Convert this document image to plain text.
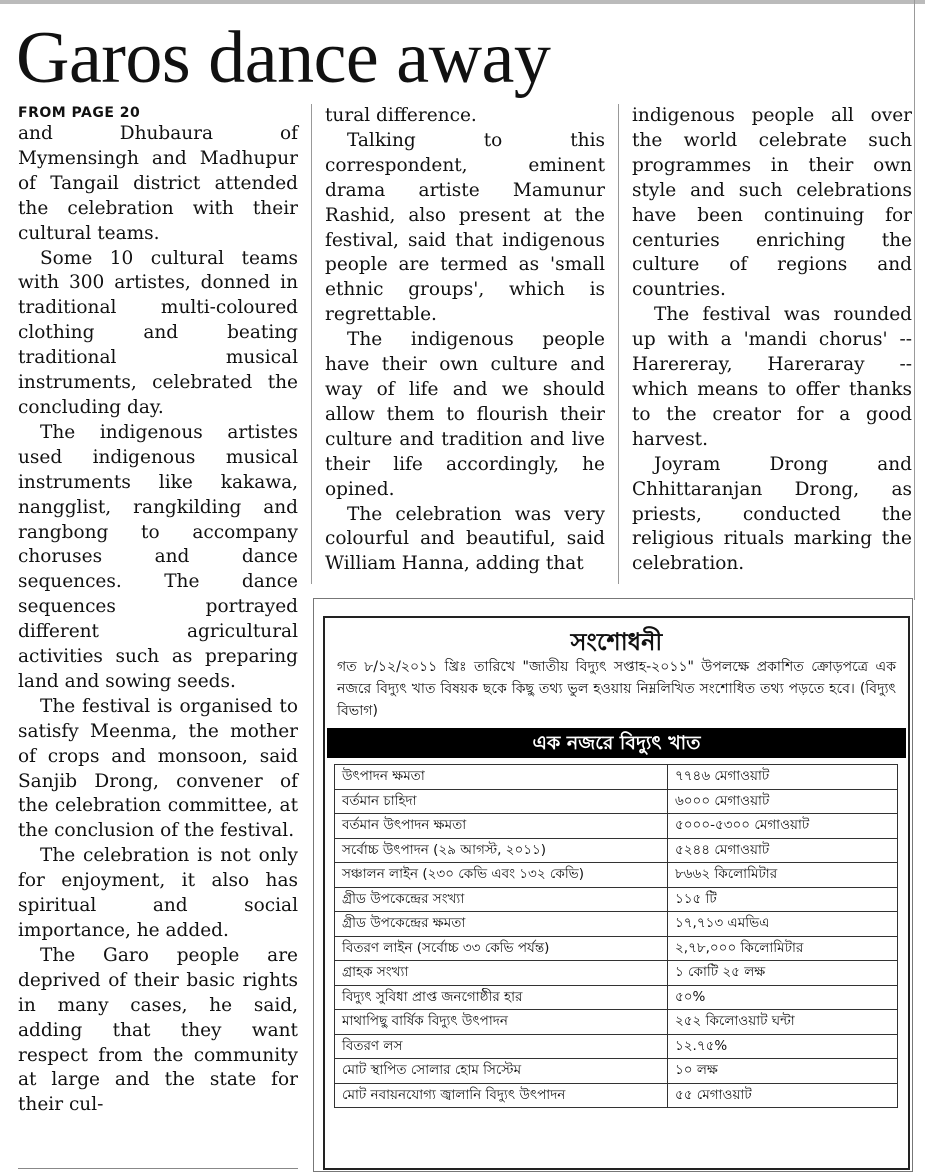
Garos dance away
FROM PAGE 20

and Dhubaura of Mymensingh and Madhupur of Tangail district attended the celebration with their cultural teams.

Some 10 cultural teams with 300 artistes, donned in traditional multi-coloured clothing and beating traditional musical instruments, celebrated the concluding day.

The indigenous artistes used indigenous musical instruments like kakawa, nangglist, rangkilding and rangbong to accompany choruses and dance sequences. The dance sequences portrayed different agricultural activities such as preparing land and sowing seeds.

The festival is organised to satisfy Meenma, the mother of crops and monsoon, said Sanjib Drong, convener of the celebration committee, at the conclusion of the festival.

The celebration is not only for enjoyment, it also has spiritual and social importance, he added.

The Garo people are deprived of their basic rights in many cases, he said, adding that they want respect from the community at large and the state for their cul-

tural difference.

Talking to this correspondent, eminent drama artiste Mamunur Rashid, also present at the festival, said that indigenous people are termed as 'small ethnic groups', which is regrettable.

The indigenous people have their own culture and way of life and we should allow them to flourish their culture and tradition and live their life accordingly, he opined.

The celebration was very colourful and beautiful, said William Hanna, adding that

indigenous people all over the world celebrate such programmes in their own style and such celebrations have been continuing for centuries enriching the culture of regions and countries.

The festival was rounded up with a 'mandi chorus' -- Harereray, Hareraray -- which means to offer thanks to the creator for a good harvest.

Joyram Drong and Chhittaranjan Drong, as priests, conducted the religious rituals marking the celebration.

সংশোধনী
গত ৮/১২/২০১১ খ্রিঃ তারিখে "জাতীয় বিদ্যুৎ সপ্তাহ-২০১১" উপলক্ষে প্রকাশিত ক্রোড়পত্রে এক নজরে বিদ্যুৎ খাত বিষয়ক ছকে কিছু তথ্য ভুল হওয়ায় নিম্নলিখিত সংশোধিত তথ্য পড়তে হবে। (বিদ্যুৎ বিভাগ)
এক নজরে বিদ্যুৎ খাত
উৎপাদন ক্ষমতা	৭৭৪৬ মেগাওয়াট
বর্তমান চাহিদা	৬০০০ মেগাওয়াট
বর্তমান উৎপাদন ক্ষমতা	৫০০০-৫৩০০ মেগাওয়াট
সর্বোচ্চ উৎপাদন (২৯ আগস্ট, ২০১১)	৫২৪৪ মেগাওয়াট
সঞ্চালন লাইন (২৩০ কেভি এবং ১৩২ কেভি)	৮৬৬২ কিলোমিটার
গ্রীড উপকেন্দ্রের সংখ্যা	১১৫ টি
গ্রীড উপকেন্দ্রের ক্ষমতা	১৭,৭১৩ এমভিএ
বিতরণ লাইন (সর্বোচ্চ ৩৩ কেভি পর্যন্ত)	২,৭৮,০০০ কিলোমিটার
গ্রাহক সংখ্যা	১ কোটি ২৫ লক্ষ
বিদ্যুৎ সুবিধা প্রাপ্ত জনগোষ্ঠীর হার	৫০%
মাথাপিছু বার্ষিক বিদ্যুৎ উৎপাদন	২৫২ কিলোওয়াট ঘন্টা
বিতরণ লস	১২.৭৫%
মোট স্থাপিত সোলার হোম সিস্টেম	১০ লক্ষ
মোট নবায়নযোগ্য জ্বালানি বিদ্যুৎ উৎপাদন	৫৫ মেগাওয়াট
